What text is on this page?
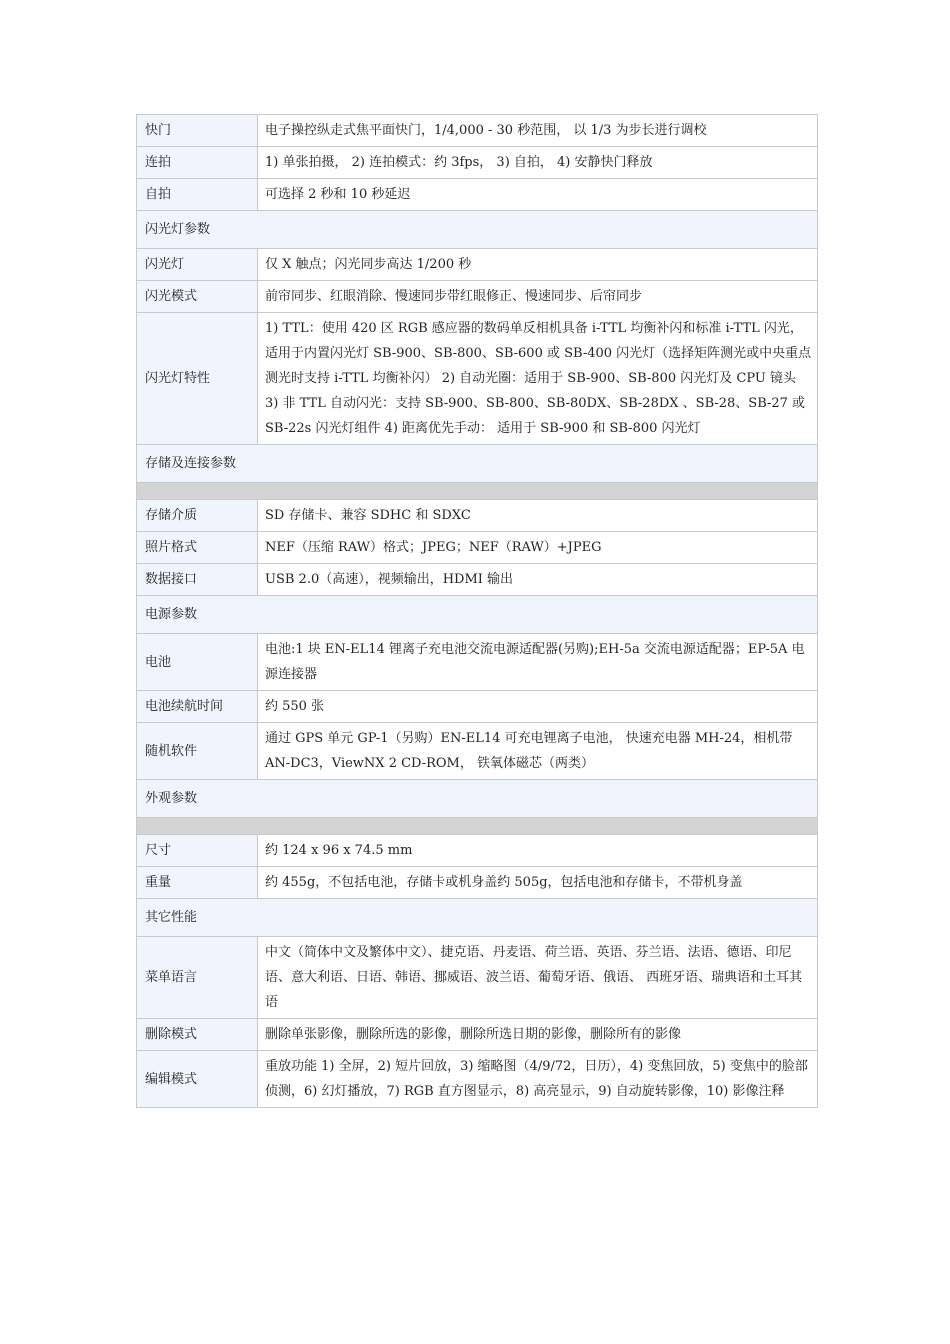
快门	电子操控纵走式焦平面快门，1/4,000 - 30 秒范围， 以 1/3 为步长进行调校
连拍	1) 单张拍摄， 2) 连拍模式：约 3fps， 3) 自拍， 4) 安静快门释放
自拍	可选择 2 秒和 10 秒延迟
闪光灯参数	
闪光灯	仅 X 触点；闪光同步高达 1/200 秒
闪光模式	前帘同步、红眼消除、慢速同步带红眼修正、慢速同步、后帘同步
闪光灯特性	1) TTL：使用 420 区 RGB 感应器的数码单反相机具备 i-TTL 均衡补闪和标准 i-TTL 闪光，适用于内置闪光灯 SB-900、SB-800、SB-600 或 SB-400 闪光灯（选择矩阵测光或中央重点测光时支持 i-TTL 均衡补闪） 2) 自动光圈：适用于 SB-900、SB-800 闪光灯及 CPU 镜头 3) 非 TTL 自动闪光：支持 SB-900、SB-800、SB-80DX、SB-28DX 、SB-28、SB-27 或 SB-22s 闪光灯组件 4) 距离优先手动： 适用于 SB-900 和 SB-800 闪光灯
存储及连接参数	

存储介质	SD 存储卡、兼容 SDHC 和 SDXC
照片格式	NEF（压缩 RAW）格式；JPEG；NEF（RAW）+JPEG
数据接口	USB 2.0（高速），视频输出，HDMI 输出
电源参数	
电池	电池:1 块 EN-EL14 锂离子充电池交流电源适配器(另购);EH-5a 交流电源适配器；EP-5A 电源连接器
电池续航时间	约 550 张
随机软件	通过 GPS 单元 GP-1（另购）EN-EL14 可充电锂离子电池， 快速充电器 MH-24，相机带 AN-DC3，ViewNX 2 CD-ROM， 铁氧体磁芯（两类）
外观参数	

尺寸	约 124 x 96 x 74.5 mm
重量	约 455g，不包括电池，存储卡或机身盖约 505g，包括电池和存储卡，不带机身盖
其它性能	
菜单语言	中文（简体中文及繁体中文）、捷克语、丹麦语、荷兰语、英语、芬兰语、法语、德语、印尼语、意大利语、日语、韩语、挪威语、波兰语、葡萄牙语、俄语、 西班牙语、瑞典语和土耳其语
删除模式	删除单张影像，删除所选的影像，删除所选日期的影像，删除所有的影像
编辑模式	重放功能 1) 全屏，2) 短片回放，3) 缩略图（4/9/72，日历），4) 变焦回放，5) 变焦中的脸部侦测，6) 幻灯播放，7) RGB 直方图显示，8) 高亮显示，9) 自动旋转影像，10) 影像注释
